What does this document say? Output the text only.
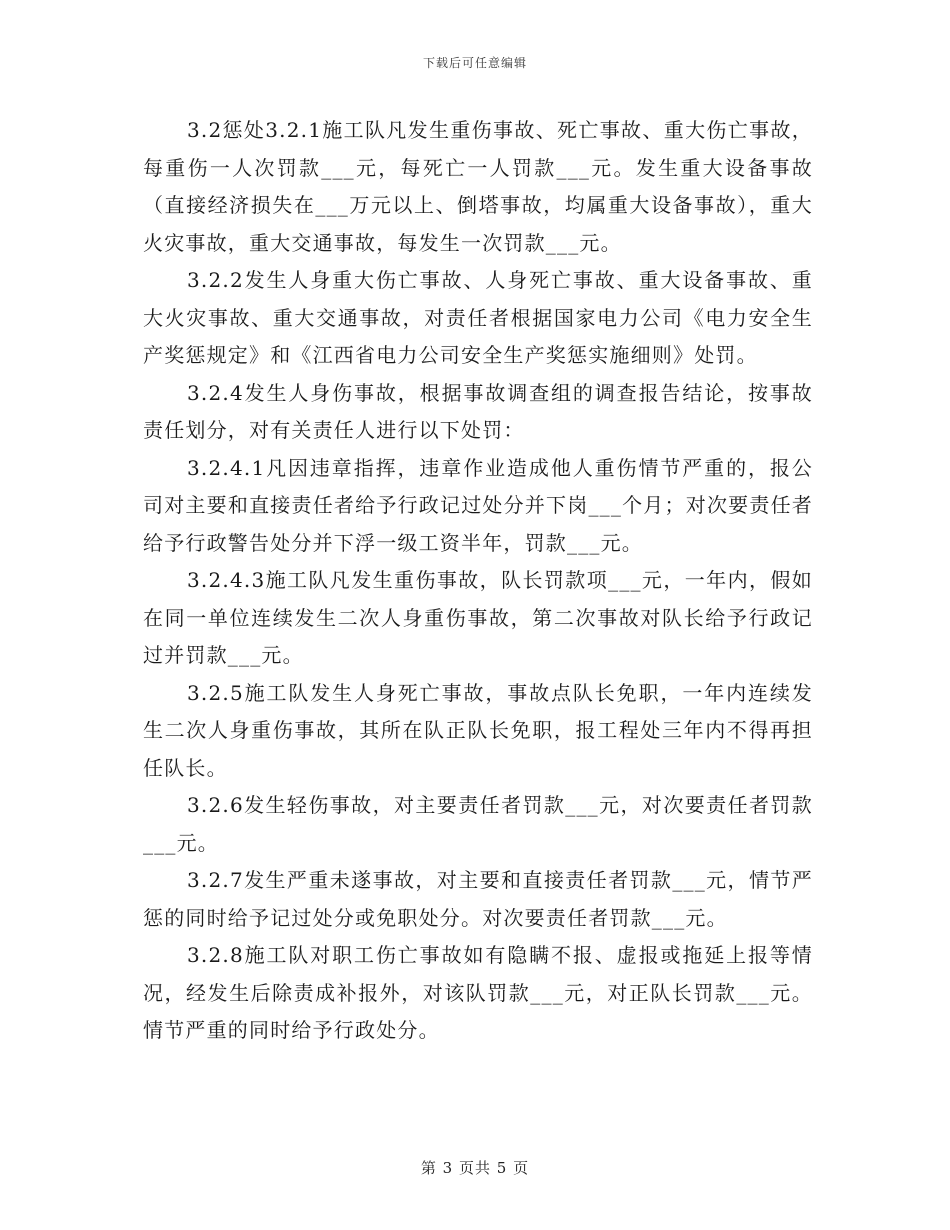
下载后可任意编辑

3.2惩处3.2.1施工队凡发生重伤事故、死亡事故、重大伤亡事故，每重伤一人次罚款___元，每死亡一人罚款___元。发生重大设备事故（直接经济损失在___万元以上、倒塔事故，均属重大设备事故），重大火灾事故，重大交通事故，每发生一次罚款___元。

3.2.2发生人身重大伤亡事故、人身死亡事故、重大设备事故、重大火灾事故、重大交通事故，对责任者根据国家电力公司《电力安全生产奖惩规定》和《江西省电力公司安全生产奖惩实施细则》处罚。

3.2.4发生人身伤事故，根据事故调查组的调查报告结论，按事故责任划分，对有关责任人进行以下处罚：

3.2.4.1凡因违章指挥，违章作业造成他人重伤情节严重的，报公司对主要和直接责任者给予行政记过处分并下岗___个月；对次要责任者给予行政警告处分并下浮一级工资半年，罚款___元。

3.2.4.3施工队凡发生重伤事故，队长罚款项___元，一年内，假如在同一单位连续发生二次人身重伤事故，第二次事故对队长给予行政记过并罚款___元。

3.2.5施工队发生人身死亡事故，事故点队长免职，一年内连续发生二次人身重伤事故，其所在队正队长免职，报工程处三年内不得再担任队长。

3.2.6发生轻伤事故，对主要责任者罚款___元，对次要责任者罚款___元。

3.2.7发生严重未遂事故，对主要和直接责任者罚款___元，情节严惩的同时给予记过处分或免职处分。对次要责任者罚款___元。

3.2.8施工队对职工伤亡事故如有隐瞒不报、虚报或拖延上报等情况，经发生后除责成补报外，对该队罚款___元，对正队长罚款___元。情节严重的同时给予行政处分。

第 3 页共 5 页
